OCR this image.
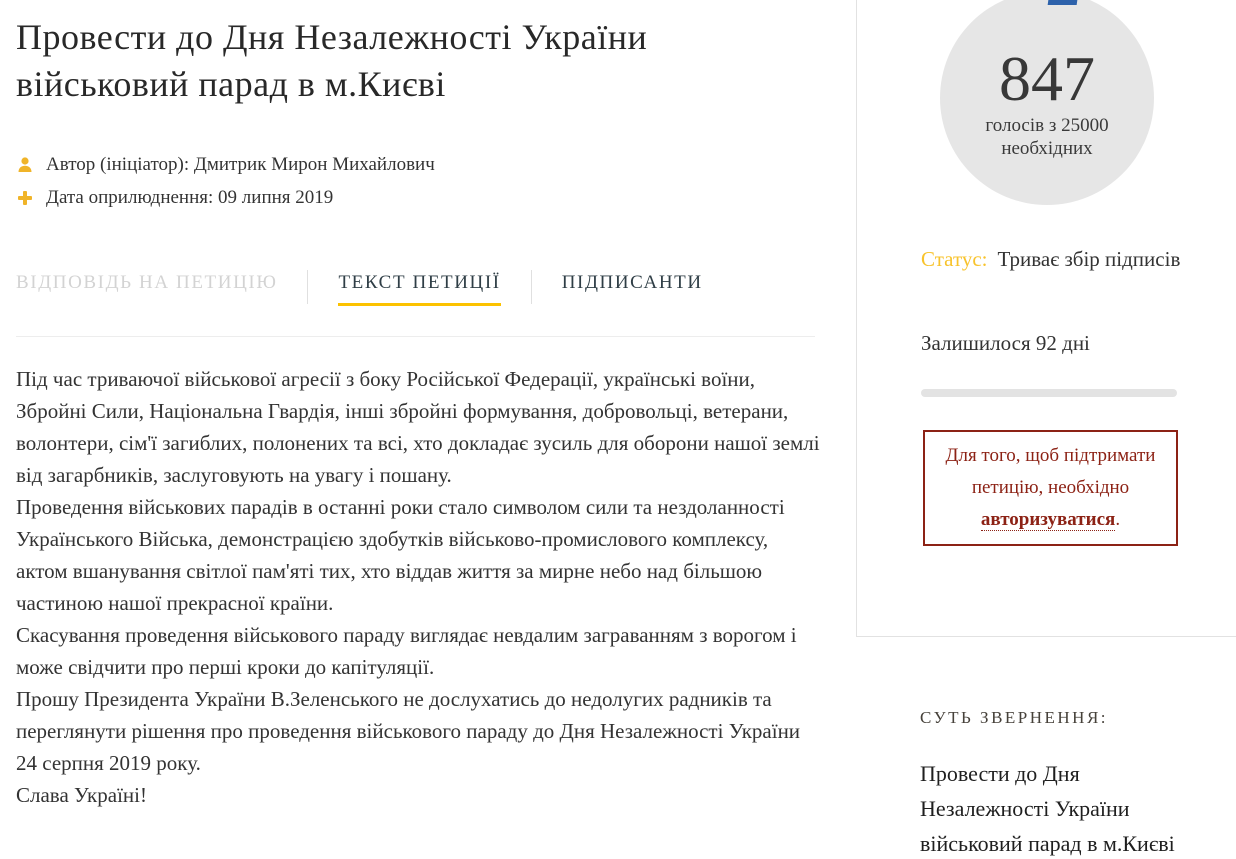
Провести до Дня Незалежності України військовий парад в м.Києві
Автор (ініціатор): Дмитрик Мирон Михайлович
Дата оприлюднення: 09 липня 2019
ВІДПОВІДЬ НА ПЕТИЦІЮ	ТЕКСТ ПЕТИЦІЇ	ПІДПИСАНТИ

Під час триваючої військової агресії з боку Російської Федерації, українські воїни, Збройні Сили, Національна Гвардія, інші збройні формування, добровольці, ветерани, волонтери, сім'ї загиблих, полонених та всі, хто докладає зусиль для оборони нашої землі від загарбників, заслуговують на увагу і пошану.

Проведення військових парадів в останні роки стало символом сили та нездоланності Українського Війська, демонстрацією здобутків військово-промислового комплексу, актом вшанування світлої пам'яті тих, хто віддав життя за мирне небо над більшою частиною нашої прекрасної країни.

Скасування проведення військового параду виглядає невдалим заграванням з ворогом і може свідчити про перші кроки до капітуляції.

Прошу Президента України В.Зеленського не дослухатись до недолугих радників та переглянути рішення про проведення військового параду до Дня Незалежності України 24 серпня 2019 року.

Слава Україні!

847
голосів з 25000
необхідних
Статус: Триває збір підписів
Залишилося 92 дні
Для того, щоб підтримати петицію, необхідно авторизуватися.
СУТЬ ЗВЕРНЕННЯ:
Провести до Дня Незалежності України військовий парад в м.Києві
